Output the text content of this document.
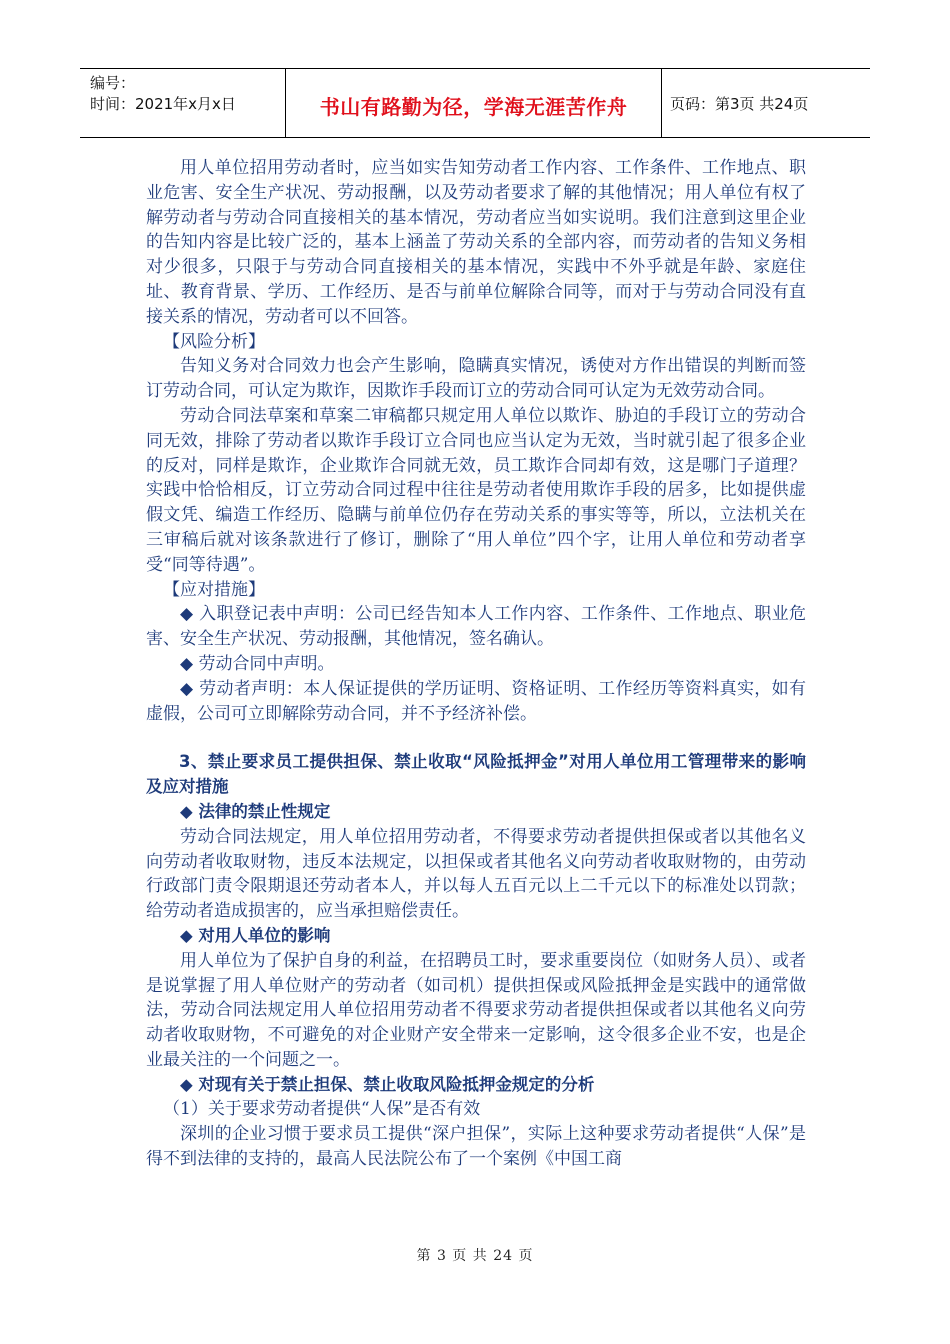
编号：
时间：2021年x月x日	书山有路勤为径，学海无涯苦作舟	页码：第3页 共24页

用人单位招用劳动者时，应当如实告知劳动者工作内容、工作条件、工作地点、职业危害、安全生产状况、劳动报酬，以及劳动者要求了解的其他情况；用人单位有权了解劳动者与劳动合同直接相关的基本情况，劳动者应当如实说明。我们注意到这里企业的告知内容是比较广泛的，基本上涵盖了劳动关系的全部内容，而劳动者的告知义务相对少很多，只限于与劳动合同直接相关的基本情况，实践中不外乎就是年龄、家庭住址、教育背景、学历、工作经历、是否与前单位解除合同等，而对于与劳动合同没有直接关系的情况，劳动者可以不回答。

【风险分析】

告知义务对合同效力也会产生影响，隐瞒真实情况，诱使对方作出错误的判断而签订劳动合同，可认定为欺诈，因欺诈手段而订立的劳动合同可认定为无效劳动合同。

劳动合同法草案和草案二审稿都只规定用人单位以欺诈、胁迫的手段订立的劳动合同无效，排除了劳动者以欺诈手段订立合同也应当认定为无效，当时就引起了很多企业的反对，同样是欺诈，企业欺诈合同就无效，员工欺诈合同却有效，这是哪门子道理？实践中恰恰相反，订立劳动合同过程中往往是劳动者使用欺诈手段的居多，比如提供虚假文凭、编造工作经历、隐瞒与前单位仍存在劳动关系的事实等等，所以，立法机关在三审稿后就对该条款进行了修订，删除了“用人单位”四个字，让用人单位和劳动者享受“同等待遇”。

【应对措施】

◆ 入职登记表中声明：公司已经告知本人工作内容、工作条件、工作地点、职业危害、安全生产状况、劳动报酬，其他情况，签名确认。

◆ 劳动合同中声明。

◆ 劳动者声明：本人保证提供的学历证明、资格证明、工作经历等资料真实，如有虚假，公司可立即解除劳动合同，并不予经济补偿。

3、禁止要求员工提供担保、禁止收取“风险抵押金”对用人单位用工管理带来的影响及应对措施

◆ 法律的禁止性规定

劳动合同法规定，用人单位招用劳动者，不得要求劳动者提供担保或者以其他名义向劳动者收取财物，违反本法规定，以担保或者其他名义向劳动者收取财物的，由劳动行政部门责令限期退还劳动者本人，并以每人五百元以上二千元以下的标准处以罚款；给劳动者造成损害的，应当承担赔偿责任。

◆ 对用人单位的影响

用人单位为了保护自身的利益，在招聘员工时，要求重要岗位（如财务人员）、或者是说掌握了用人单位财产的劳动者（如司机）提供担保或风险抵押金是实践中的通常做法，劳动合同法规定用人单位招用劳动者不得要求劳动者提供担保或者以其他名义向劳动者收取财物，不可避免的对企业财产安全带来一定影响，这令很多企业不安，也是企业最关注的一个问题之一。

◆ 对现有关于禁止担保、禁止收取风险抵押金规定的分析

（1）关于要求劳动者提供“人保”是否有效

深圳的企业习惯于要求员工提供“深户担保”，实际上这种要求劳动者提供“人保”是得不到法律的支持的，最高人民法院公布了一个案例《中国工商

第 3 页 共 24 页
